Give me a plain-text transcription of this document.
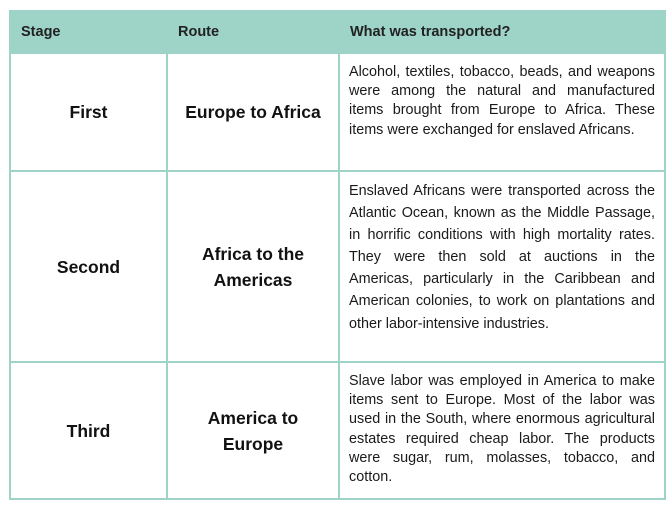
Stage	Route	What was transported?
First	Europe to Africa	Alcohol, textiles, tobacco, beads, and weapons were among the natural and manufactured items brought from Europe to Africa. These items were exchanged for enslaved Africans.
Second	Africa to the Americas	Enslaved Africans were transported across the Atlantic Ocean, known as the Middle Passage, in horrific conditions with high mortality rates. They were then sold at auctions in the Americas, particularly in the Caribbean and American colonies, to work on plantations and other labor-intensive industries.
Third	America to Europe	Slave labor was employed in America to make items sent to Europe. Most of the labor was used in the South, where enormous agricultural estates required cheap labor. The products were sugar, rum, molasses, tobacco, and cotton.
